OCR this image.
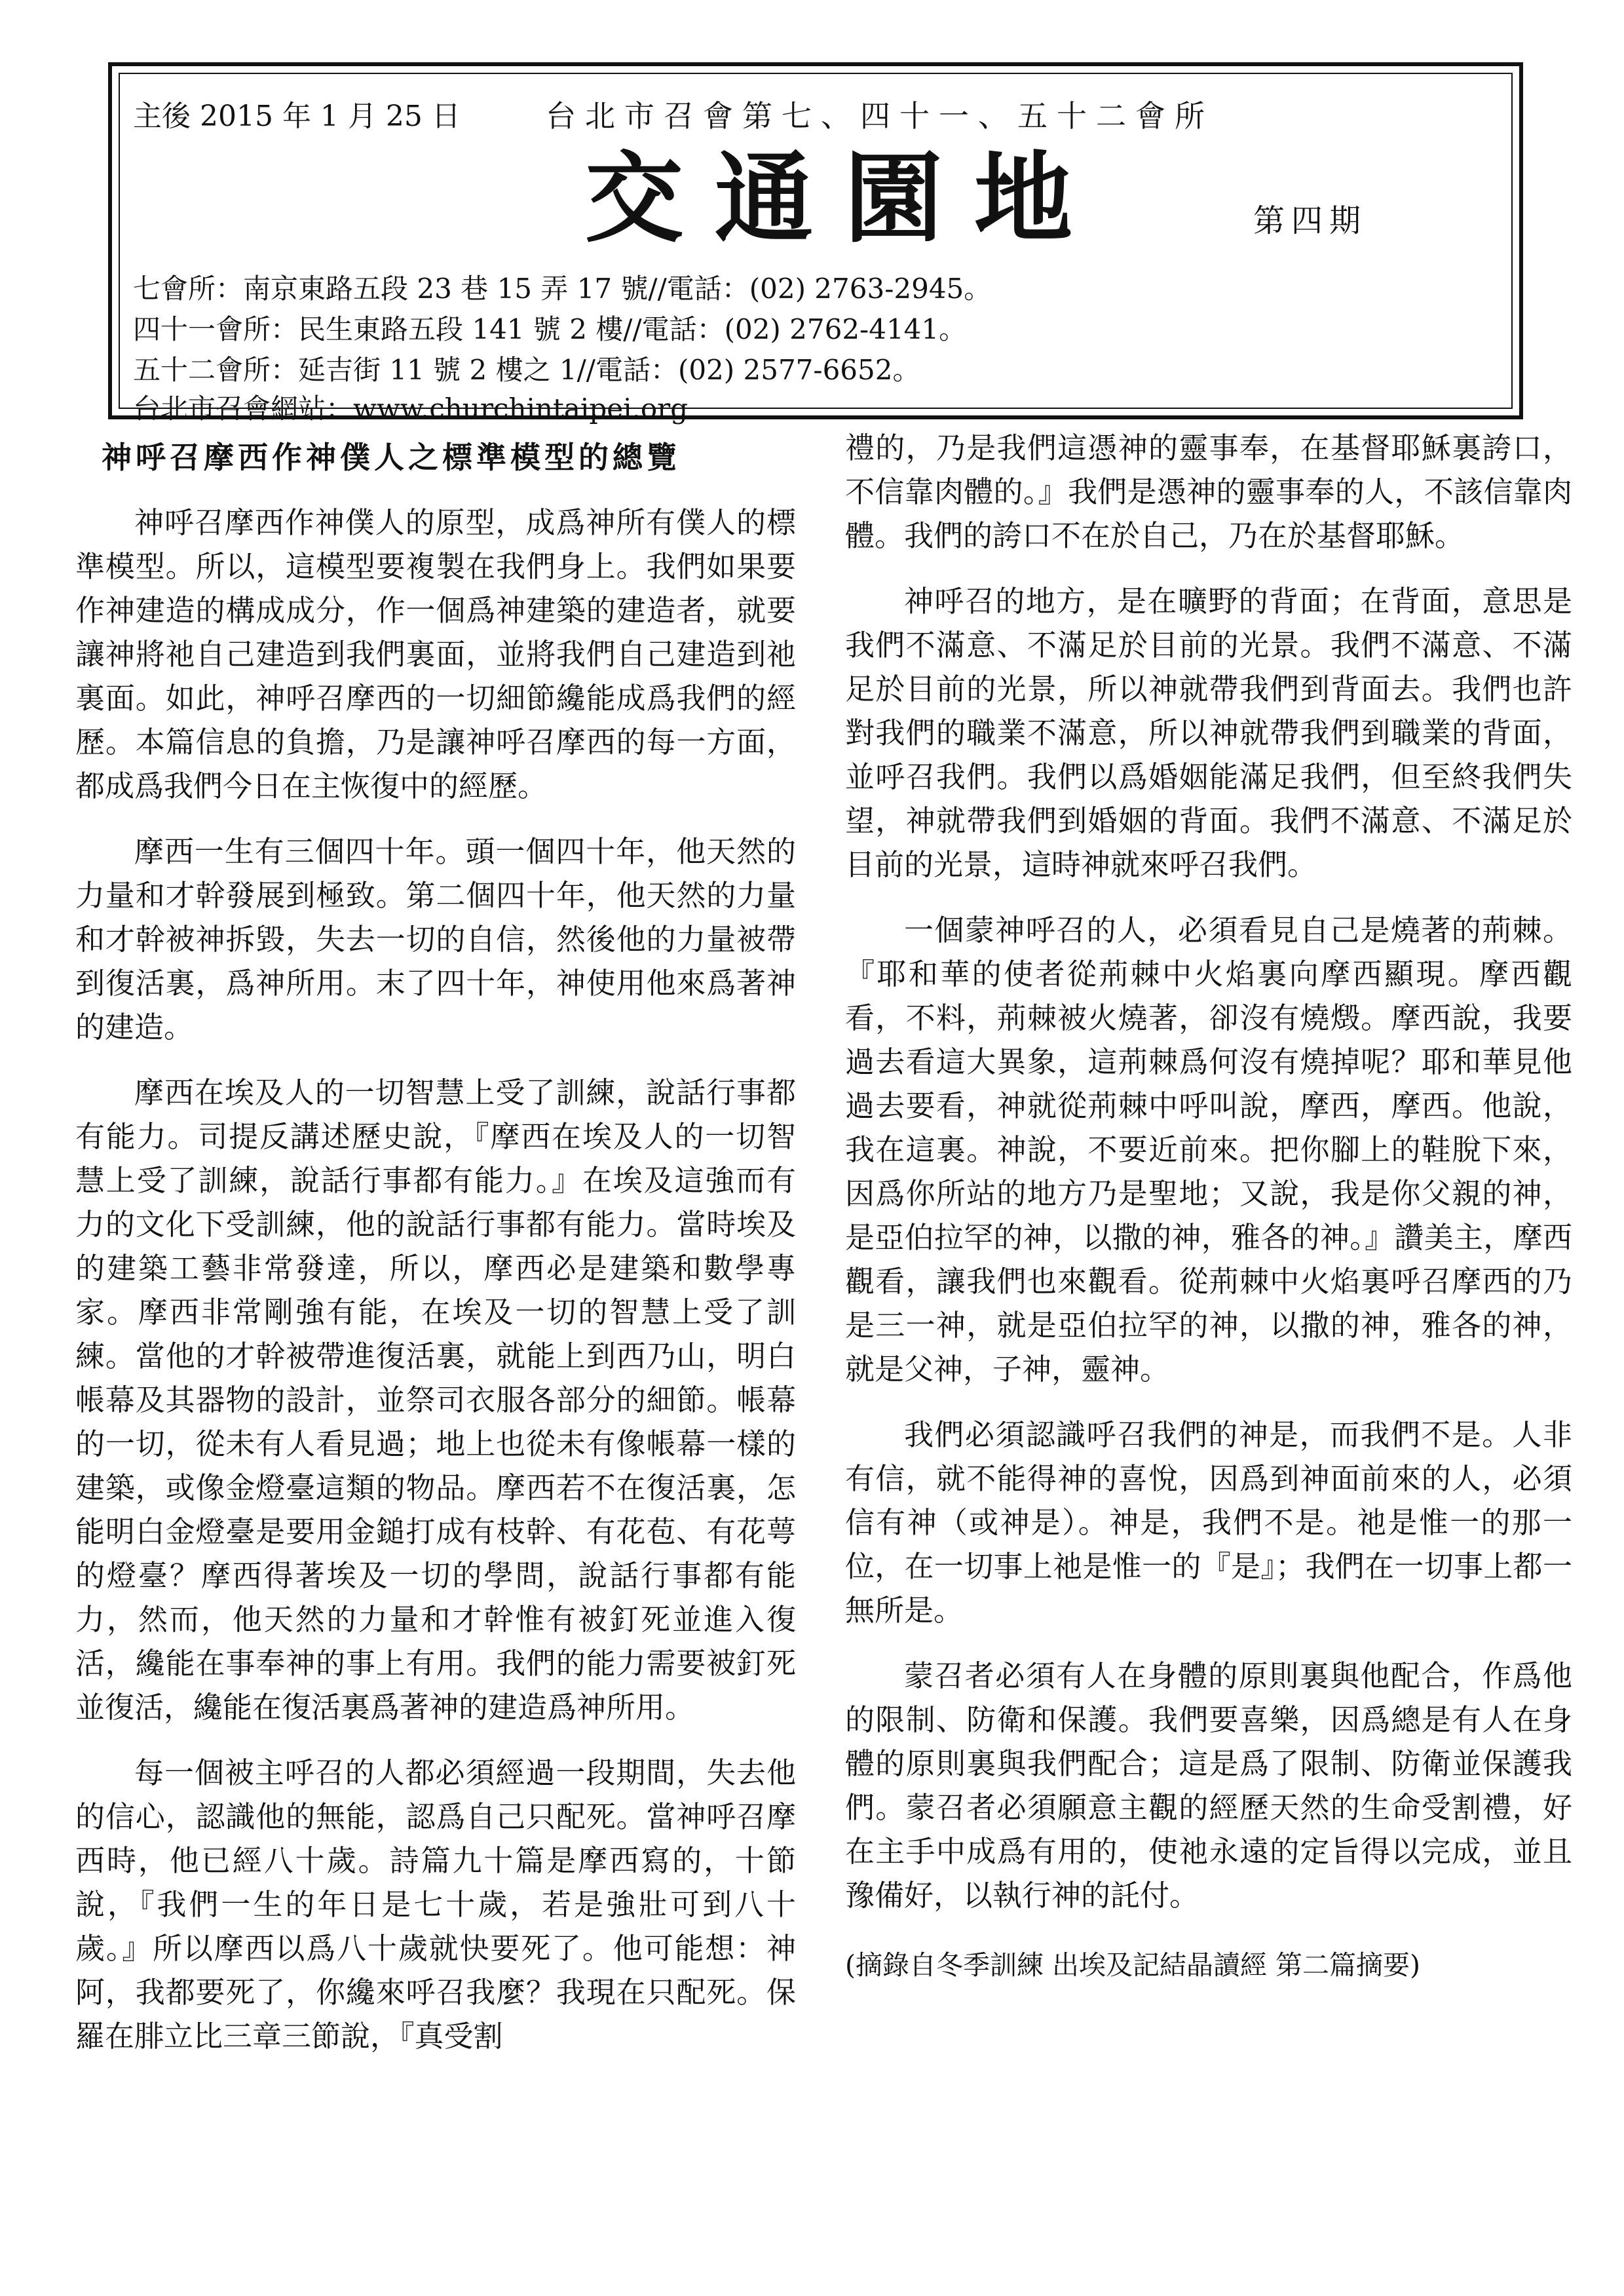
主後 2015 年 1 月 25 日	台北市召會第七、四十一、五十二會所
交通園地	第四期
七會所：南京東路五段 23 巷 15 弄 17 號//電話：(02) 2763-2945。
四十一會所：民生東路五段 141 號 2 樓//電話：(02) 2762-4141。
五十二會所：延吉街 11 號 2 樓之 1//電話：(02) 2577-6652。
台北市召會網站：www.churchintaipei.org
神呼召摩西作神僕人之標準模型的總覽

神呼召摩西作神僕人的原型，成爲神所有僕人的標準模型。所以，這模型要複製在我們身上。我們如果要作神建造的構成成分，作一個爲神建築的建造者，就要讓神將祂自己建造到我們裏面，並將我們自己建造到祂裏面。如此，神呼召摩西的一切細節纔能成爲我們的經歷。本篇信息的負擔，乃是讓神呼召摩西的每一方面，都成爲我們今日在主恢復中的經歷。

摩西一生有三個四十年。頭一個四十年，他天然的力量和才幹發展到極致。第二個四十年，他天然的力量和才幹被神拆毀，失去一切的自信，然後他的力量被帶到復活裏，爲神所用。末了四十年，神使用他來爲著神的建造。

摩西在埃及人的一切智慧上受了訓練，說話行事都有能力。司提反講述歷史說，『摩西在埃及人的一切智慧上受了訓練，說話行事都有能力。』在埃及這強而有力的文化下受訓練，他的說話行事都有能力。當時埃及的建築工藝非常發達，所以，摩西必是建築和數學專家。摩西非常剛強有能，在埃及一切的智慧上受了訓練。當他的才幹被帶進復活裏，就能上到西乃山，明白帳幕及其器物的設計，並祭司衣服各部分的細節。帳幕的一切，從未有人看見過；地上也從未有像帳幕一樣的建築，或像金燈臺這類的物品。摩西若不在復活裏，怎能明白金燈臺是要用金鎚打成有枝幹、有花苞、有花萼的燈臺？摩西得著埃及一切的學問，說話行事都有能力，然而，他天然的力量和才幹惟有被釘死並進入復活，纔能在事奉神的事上有用。我們的能力需要被釘死並復活，纔能在復活裏爲著神的建造爲神所用。

每一個被主呼召的人都必須經過一段期間，失去他的信心，認識他的無能，認爲自己只配死。當神呼召摩西時，他已經八十歲。詩篇九十篇是摩西寫的，十節說，『我們一生的年日是七十歲，若是強壯可到八十歲。』所以摩西以爲八十歲就快要死了。他可能想：神阿，我都要死了，你纔來呼召我麼？我現在只配死。保羅在腓立比三章三節說，『真受割

禮的，乃是我們這憑神的靈事奉，在基督耶穌裏誇口，不信靠肉體的。』我們是憑神的靈事奉的人，不該信靠肉體。我們的誇口不在於自己，乃在於基督耶穌。

神呼召的地方，是在曠野的背面；在背面，意思是我們不滿意、不滿足於目前的光景。我們不滿意、不滿足於目前的光景，所以神就帶我們到背面去。我們也許對我們的職業不滿意，所以神就帶我們到職業的背面，並呼召我們。我們以爲婚姻能滿足我們，但至終我們失望，神就帶我們到婚姻的背面。我們不滿意、不滿足於目前的光景，這時神就來呼召我們。

一個蒙神呼召的人，必須看見自己是燒著的荊棘。『耶和華的使者從荊棘中火焰裏向摩西顯現。摩西觀看，不料，荊棘被火燒著，卻沒有燒燬。摩西說，我要過去看這大異象，這荊棘爲何沒有燒掉呢？耶和華見他過去要看，神就從荊棘中呼叫說，摩西，摩西。他說，我在這裏。神說，不要近前來。把你腳上的鞋脫下來，因爲你所站的地方乃是聖地；又說，我是你父親的神，是亞伯拉罕的神，以撒的神，雅各的神。』讚美主，摩西觀看，讓我們也來觀看。從荊棘中火焰裏呼召摩西的乃是三一神，就是亞伯拉罕的神，以撒的神，雅各的神，就是父神，子神，靈神。

我們必須認識呼召我們的神是，而我們不是。人非有信，就不能得神的喜悅，因爲到神面前來的人，必須信有神（或神是）。神是，我們不是。祂是惟一的那一位，在一切事上祂是惟一的『是』；我們在一切事上都一無所是。

蒙召者必須有人在身體的原則裏與他配合，作爲他的限制、防衛和保護。我們要喜樂，因爲總是有人在身體的原則裏與我們配合；這是爲了限制、防衛並保護我們。蒙召者必須願意主觀的經歷天然的生命受割禮，好在主手中成爲有用的，使祂永遠的定旨得以完成，並且豫備好，以執行神的託付。

(摘錄自冬季訓練 出埃及記結晶讀經 第二篇摘要)
